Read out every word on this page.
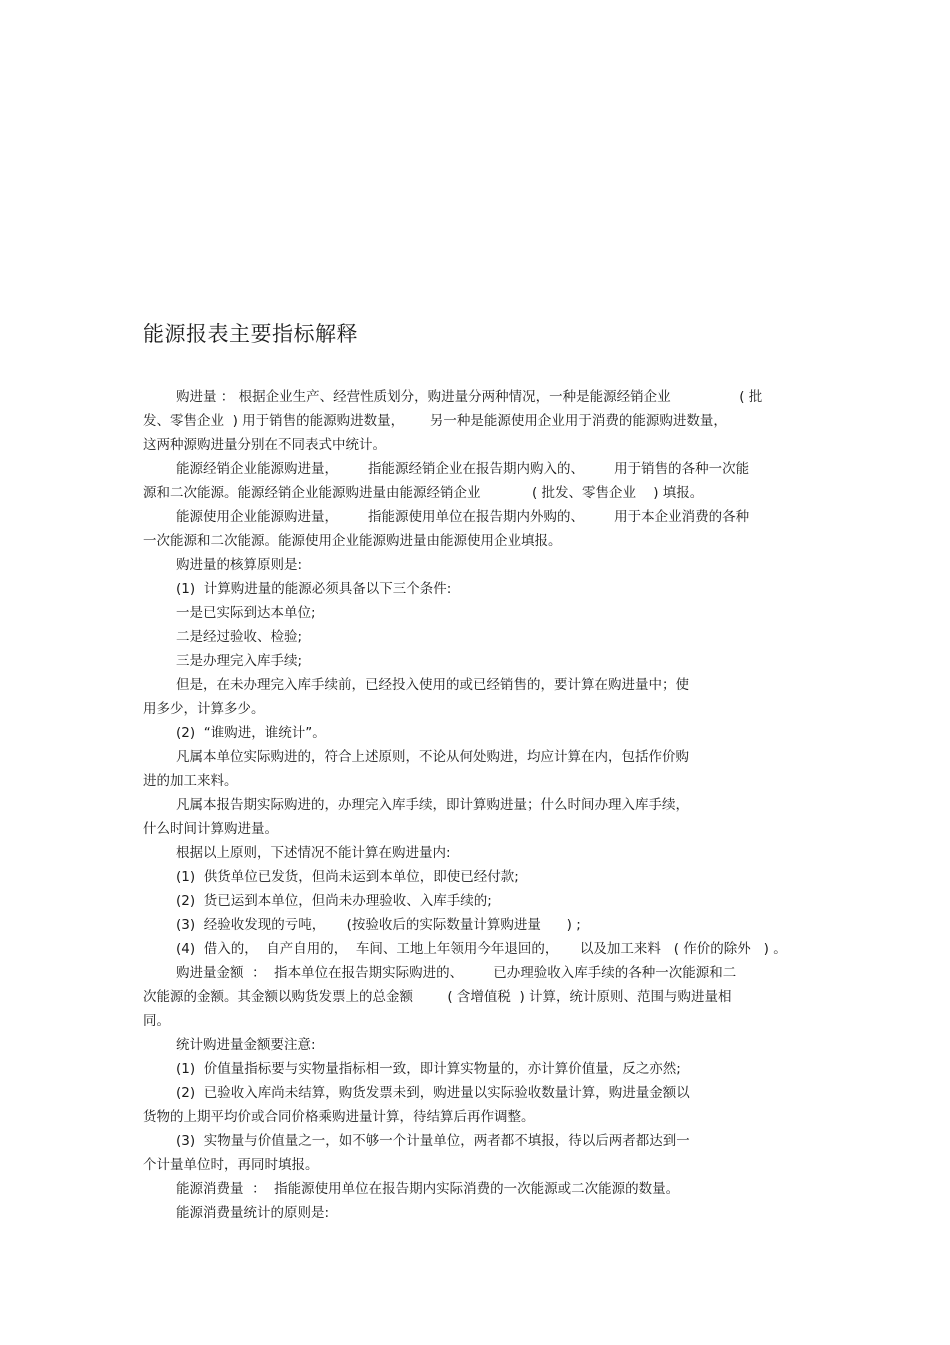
能源报表主要指标解释
购进量 ： 根据企业生产、经营性质划分，购进量分两种情况，一种是能源经销企业                ( 批
发、零售企业  ) 用于销售的能源购进数量，      另一种是能源使用企业用于消费的能源购进数量，
这两种源购进量分别在不同表式中统计。
能源经销企业能源购进量，       指能源经销企业在报告期内购入的、       用于销售的各种一次能
源和二次能源。能源经销企业能源购进量由能源经销企业            ( 批发、零售企业    ) 填报。
能源使用企业能源购进量，       指能源使用单位在报告期内外购的、       用于本企业消费的各种
一次能源和二次能源。能源使用企业能源购进量由能源使用企业填报。
购进量的核算原则是:
(1)  计算购进量的能源必须具备以下三个条件:
一是已实际到达本单位;
二是经过验收、检验;
三是办理完入库手续;
但是，在未办理完入库手续前，已经投入使用的或已经销售的，要计算在购进量中；使
用多少，计算多少。
(2)  “谁购进，谁统计”。
凡属本单位实际购进的，符合上述原则，不论从何处购进，均应计算在内，包括作价购
进的加工来料。
凡属本报告期实际购进的，办理完入库手续，即计算购进量；什么时间办理入库手续，
什么时间计算购进量。
根据以上原则，下述情况不能计算在购进量内:
(1)  供货单位已发货，但尚未运到本单位，即使已经付款;
(2)  货已运到本单位，但尚未办理验收、入库手续的;
(3)  经验收发现的亏吨，     (按验收后的实际数量计算购进量      ) ;
(4)  借入的，  自产自用的，  车间、工地上年领用今年退回的，     以及加工来料   ( 作价的除外   ) 。
购进量金额  ：  指本单位在报告期实际购进的、       已办理验收入库手续的各种一次能源和二
次能源的金额。其金额以购货发票上的总金额        ( 含增值税  ) 计算，统计原则、范围与购进量相
同。
统计购进量金额要注意:
(1)  价值量指标要与实物量指标相一致，即计算实物量的，亦计算价值量，反之亦然;
(2)  已验收入库尚未结算，购货发票未到，购进量以实际验收数量计算，购进量金额以
货物的上期平均价或合同价格乘购进量计算，待结算后再作调整。
(3)  实物量与价值量之一，如不够一个计量单位，两者都不填报，待以后两者都达到一
个计量单位时，再同时填报。
能源消费量  ：  指能源使用单位在报告期内实际消费的一次能源或二次能源的数量。
能源消费量统计的原则是:
